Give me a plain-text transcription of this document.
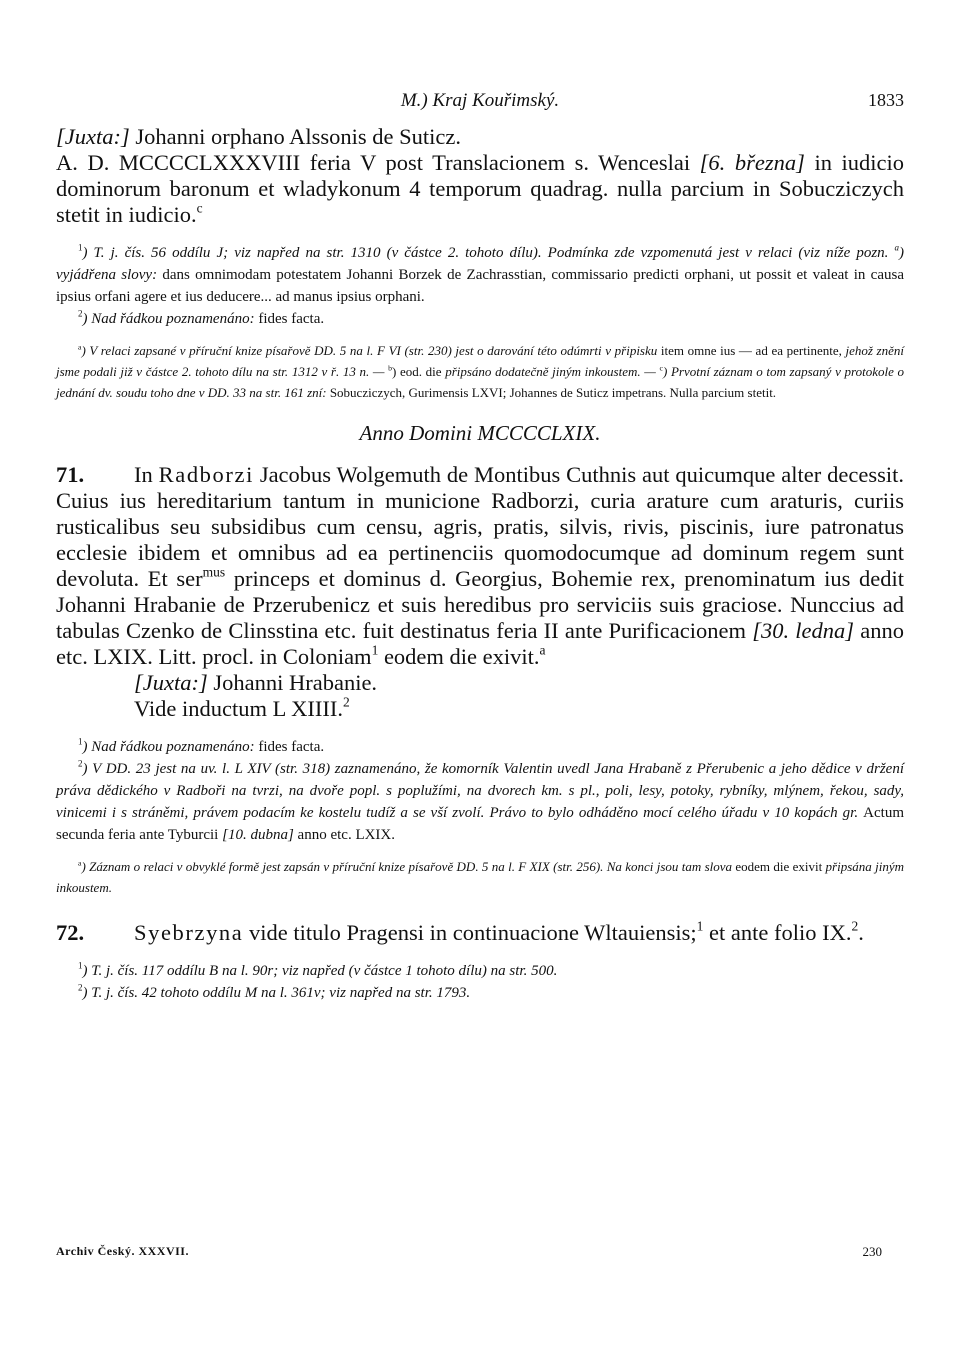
M.) Kraj Kouřimský.	1833

[Juxta:] Johanni orphano Alssonis de Suticz.

A. D. MCCCCLXXXVIII feria V post Translacionem s. Wenceslai [6. března] in iudicio dominorum baronum et wladykonum 4 temporum quadrag. nulla parcium in Sobucziczych stetit in iudicio.$^c$

$^1$) T. j. čís. 56 oddílu J; viz napřed na str. 1310 (v částce 2. tohoto dílu). Podmínka zde vzpomenutá jest v relaci (viz níže pozn. $^a$) vyjádřena slovy: dans omnimodam potestatem Johanni Borzek de Zachrasstian, commissario predicti orphani, ut possit et valeat in causa ipsius orfani agere et ius deducere... ad manus ipsius orphani.

$^2$) Nad řádkou poznamenáno: fides facta.

$^a$) V relaci zapsané v příruční knize písařově DD. 5 na l. F VI (str. 230) jest o darování této odúmrti v připisku item omne ius — ad ea pertinente, jehož znění jsme podali již v částce 2. tohoto dílu na str. 1312 v ř. 13 n. — $^b$) eod. die připsáno dodatečně jiným inkoustem. — $^c$) Prvotní záznam o tom zapsaný v protokole o jednání dv. soudu toho dne v DD. 33 na str. 161 zní: Sobucziczych, Gurimensis LXVI; Johannes de Suticz impetrans. Nulla parcium stetit.

Anno Domini MCCCCLXIX.

71. In Radborzi Jacobus Wolgemuth de Montibus Cuthnis aut quicumque alter decessit. Cuius ius hereditarium tantum in municione Radborzi, curia arature cum araturis, curiis rusticalibus seu subsidibus cum censu, agris, pratis, silvis, rivis, piscinis, iure patronatus ecclesie ibidem et omnibus ad ea pertinenciis quomodocumque ad dominum regem sunt devoluta. Et ser$^{mus}$ princeps et dominus d. Georgius, Bohemie rex, prenominatum ius dedit Johanni Hrabanie de Przerubenicz et suis heredibus pro serviciis suis graciose. Nunccius ad tabulas Czenko de Clinsstina etc. fuit destinatus feria II ante Purificacionem [30. ledna] anno etc. LXIX. Litt. procl. in Coloniam$^1$ eodem die exivit.$^a$

[Juxta:] Johanni Hrabanie.

Vide inductum L XIIII.$^2$

$^1$) Nad řádkou poznamenáno: fides facta.

$^2$) V DD. 23 jest na uv. l. L XIV (str. 318) zaznamenáno, že komorník Valentin uvedl Jana Hrabaně z Přerubenic a jeho dědice v držení práva dědického v Radboři na tvrzi, na dvoře popl. s poplužími, na dvorech km. s pl., poli, lesy, potoky, rybníky, mlýnem, řekou, sady, vinicemi i s stráněmi, právem podacím ke kostelu tudíž a se vší zvolí. Právo to bylo odháděno mocí celého úřadu v 10 kopách gr. Actum secunda feria ante Tyburcii [10. dubna] anno etc. LXIX.

$^a$) Záznam o relaci v obvyklé formě jest zapsán v příruční knize písařově DD. 5 na l. F XIX (str. 256). Na konci jsou tam slova eodem die exivit připsána jiným inkoustem.

72. Syebrzyna vide titulo Pragensi in continuacione Wltauiensis;$^1$ et ante folio IX.$^2$.

$^1$) T. j. čís. 117 oddílu B na l. 90r; viz napřed (v částce 1 tohoto dílu) na str. 500.

$^2$) T. j. čís. 42 tohoto oddílu M na l. 361v; viz napřed na str. 1793.

Archiv Český. XXXVII.	230
